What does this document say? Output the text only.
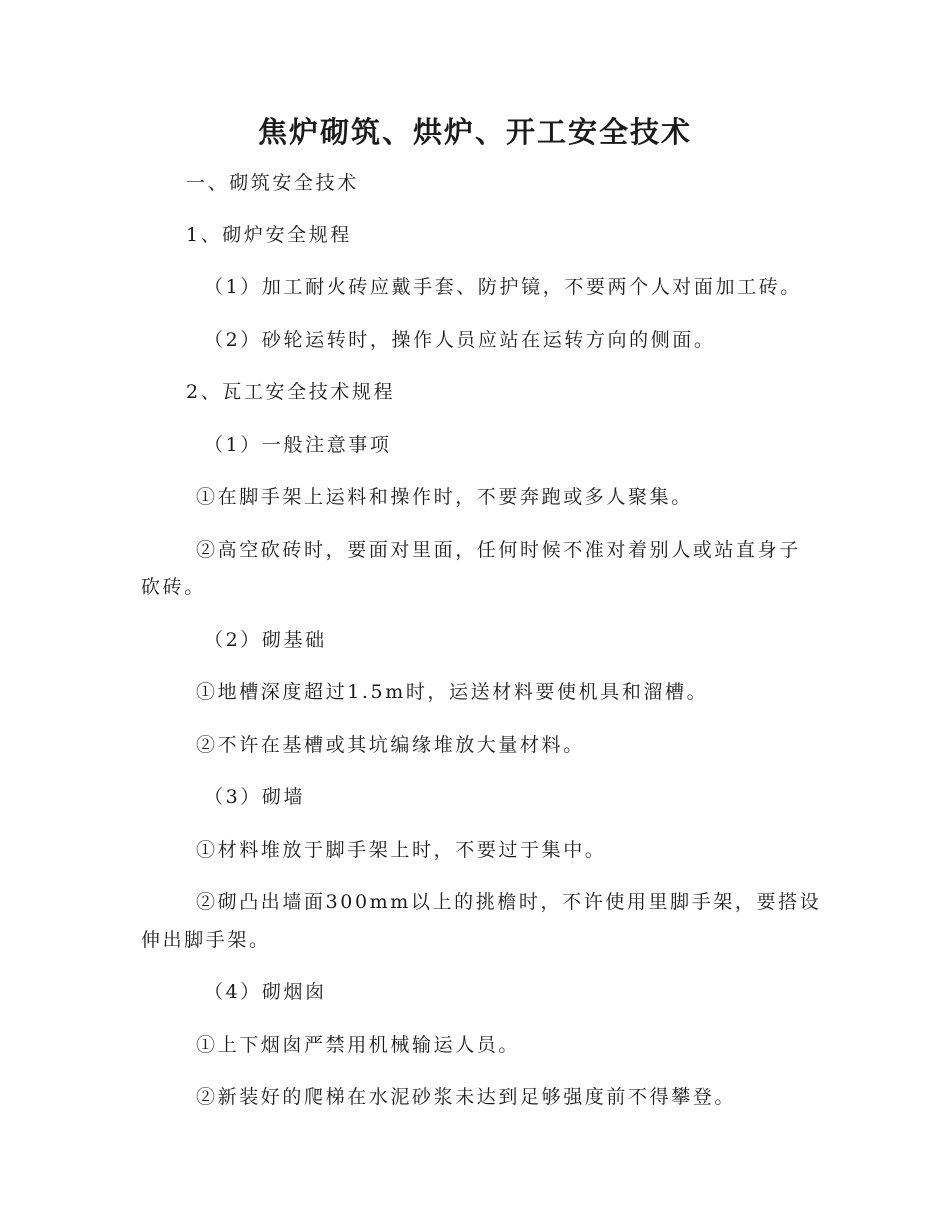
焦炉砌筑、烘炉、开工安全技术

一、砌筑安全技术

1、砌炉安全规程

（1）加工耐火砖应戴手套、防护镜，不要两个人对面加工砖。

（2）砂轮运转时，操作人员应站在运转方向的侧面。

2、瓦工安全技术规程

（1）一般注意事项

①在脚手架上运料和操作时，不要奔跑或多人聚集。

②高空砍砖时，要面对里面，任何时候不准对着别人或站直身子

砍砖。

（2）砌基础

①地槽深度超过1.5m时，运送材料要使机具和溜槽。

②不许在基槽或其坑编缘堆放大量材料。

（3）砌墙

①材料堆放于脚手架上时，不要过于集中。

②砌凸出墙面300mm以上的挑檐时，不许使用里脚手架，要搭设

伸出脚手架。

（4）砌烟囱

①上下烟囱严禁用机械输运人员。

②新装好的爬梯在水泥砂浆未达到足够强度前不得攀登。
